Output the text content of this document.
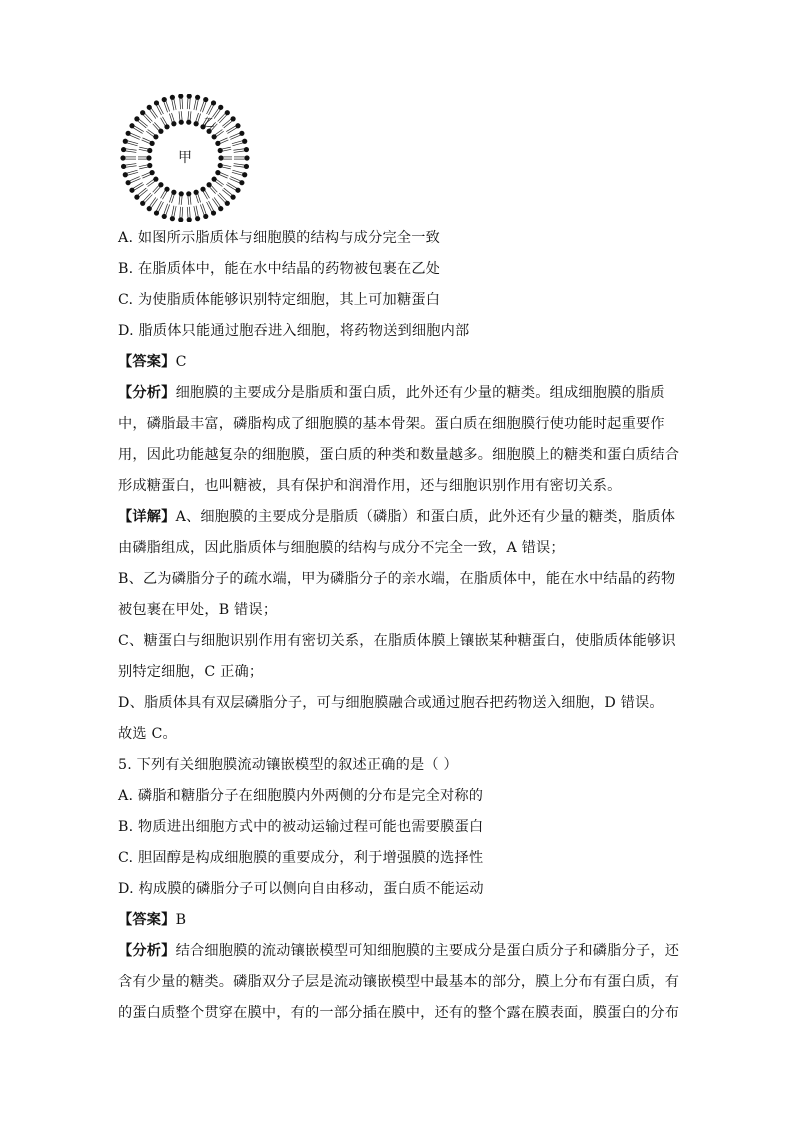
甲
乙
A. 如图所示脂质体与细胞膜的结构与成分完全一致
B. 在脂质体中，能在水中结晶的药物被包裹在乙处
C. 为使脂质体能够识别特定细胞，其上可加糖蛋白
D. 脂质体只能通过胞吞进入细胞，将药物送到细胞内部
【答案】C
【分析】细胞膜的主要成分是脂质和蛋白质，此外还有少量的糖类。组成细胞膜的脂质
中，磷脂最丰富，磷脂构成了细胞膜的基本骨架。蛋白质在细胞膜行使功能时起重要作
用，因此功能越复杂的细胞膜，蛋白质的种类和数量越多。细胞膜上的糖类和蛋白质结合
形成糖蛋白，也叫糖被，具有保护和润滑作用，还与细胞识别作用有密切关系。
【详解】A、细胞膜的主要成分是脂质（磷脂）和蛋白质，此外还有少量的糖类，脂质体
由磷脂组成，因此脂质体与细胞膜的结构与成分不完全一致，A 错误；
B、乙为磷脂分子的疏水端，甲为磷脂分子的亲水端，在脂质体中，能在水中结晶的药物
被包裹在甲处，B 错误；
C、糖蛋白与细胞识别作用有密切关系，在脂质体膜上镶嵌某种糖蛋白，使脂质体能够识
别特定细胞，C 正确；
D、脂质体具有双层磷脂分子，可与细胞膜融合或通过胞吞把药物送入细胞，D 错误。
故选 C。
5. 下列有关细胞膜流动镶嵌模型的叙述正确的是（ ）
A. 磷脂和糖脂分子在细胞膜内外两侧的分布是完全对称的
B. 物质进出细胞方式中的被动运输过程可能也需要膜蛋白
C. 胆固醇是构成细胞膜的重要成分，利于增强膜的选择性
D. 构成膜的磷脂分子可以侧向自由移动，蛋白质不能运动
【答案】B
【分析】结合细胞膜的流动镶嵌模型可知细胞膜的主要成分是蛋白质分子和磷脂分子，还
含有少量的糖类。磷脂双分子层是流动镶嵌模型中最基本的部分，膜上分布有蛋白质，有
的蛋白质整个贯穿在膜中，有的一部分插在膜中，还有的整个露在膜表面，膜蛋白的分布
